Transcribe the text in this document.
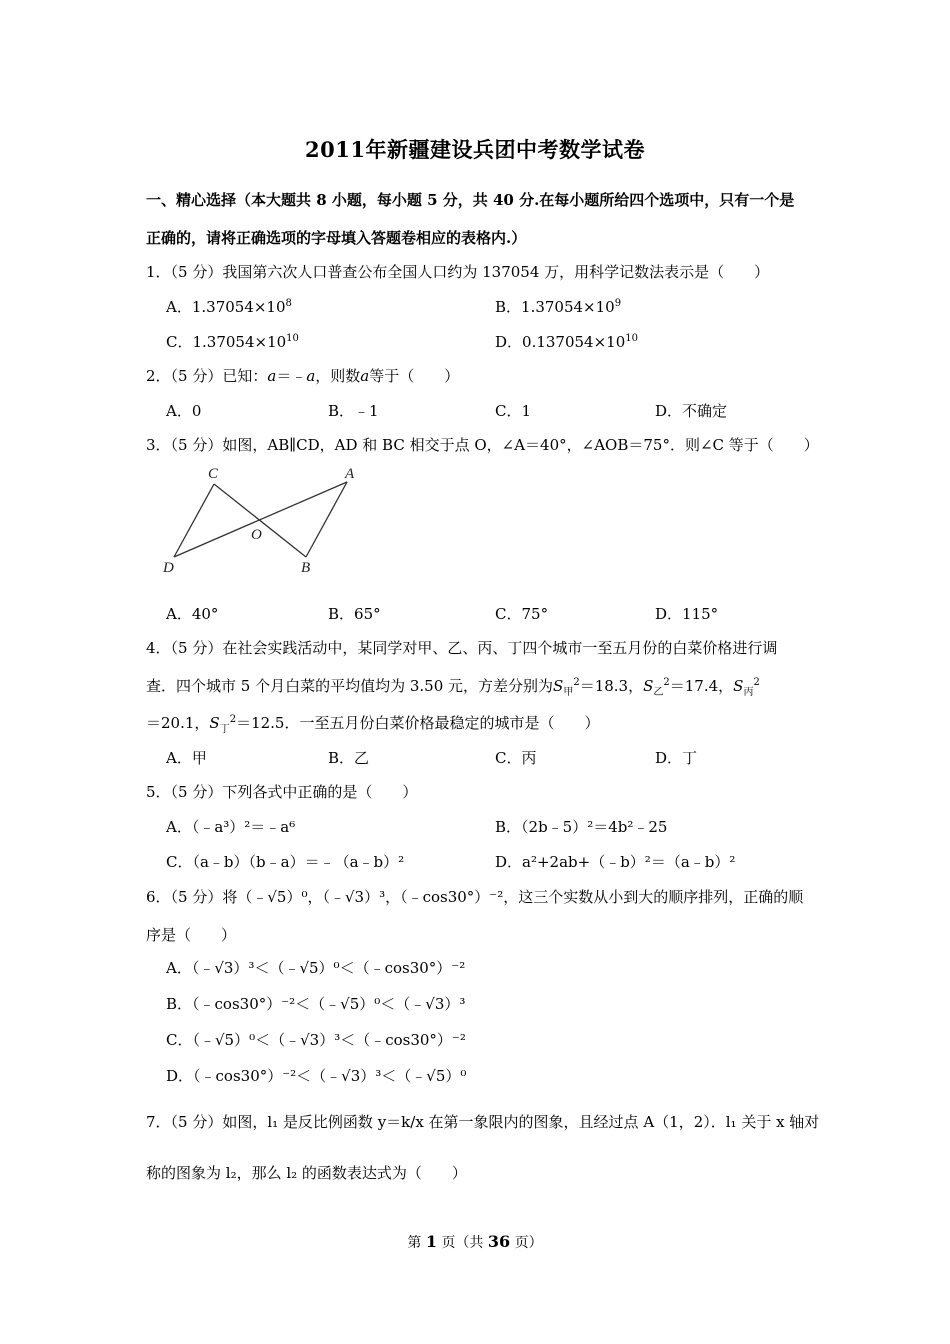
2011年新疆建设兵团中考数学试卷
一、精心选择（本大题共 8 小题，每小题 5 分，共 40 分.在每小题所给四个选项中，只有一个是
正确的，请将正确选项的字母填入答题卷相应的表格内.）
1．（5 分）我国第六次人口普查公布全国人口约为 137054 万，用科学记数法表示是（　　）
A．$1.37054\times 10^8$	B．$1.37054\times 10^9$
C．$1.37054\times 10^{10}$	D．$0.137054\times 10^{10}$
2．（5 分）已知：a＝﹣a，则数a等于（　　）
A．0	B．﹣1	C．1	D．不确定
3．（5 分）如图，AB∥CD，AD 和 BC 相交于点 O，∠A＝40°，∠AOB＝75°．则∠C 等于（　　）
C	A
O
D	B
A．40°	B．65°	C．75°	D．115°
4．（5 分）在社会实践活动中，某同学对甲、乙、丙、丁四个城市一至五月份的白菜价格进行调
查．四个城市 5 个月白菜的平均值均为 3.50 元，方差分别为$S_甲^2=18.3$，$S_乙^2=17.4$，$S_丙^2$
＝20.1，$S_丁^2=12.5$．一至五月份白菜价格最稳定的城市是（　　）
A．甲	B．乙	C．丙	D．丁
5．（5 分）下列各式中正确的是（　　）
A．（﹣a³）²＝﹣a⁶	B．（2b﹣5）²＝4b²﹣25
C．（a﹣b）（b﹣a）＝﹣（a﹣b）²	D．a²+2ab+（﹣b）²＝（a﹣b）²
6．（5 分）将（﹣√5）⁰，（﹣√3）³，（﹣cos30°）⁻²，这三个实数从小到大的顺序排列，正确的顺
序是（　　）
A．（﹣√3）³＜（﹣√5）⁰＜（﹣cos30°）⁻²
B．（﹣cos30°）⁻²＜（﹣√5）⁰＜（﹣√3）³
C．（﹣√5）⁰＜（﹣√3）³＜（﹣cos30°）⁻²
D．（﹣cos30°）⁻²＜（﹣√3）³＜（﹣√5）⁰
7．（5 分）如图，l₁ 是反比例函数 y＝k/x 在第一象限内的图象，且经过点 A（1，2）．l₁ 关于 x 轴对
称的图象为 l₂，那么 l₂ 的函数表达式为（　　）
第 1 页（共 36 页）
